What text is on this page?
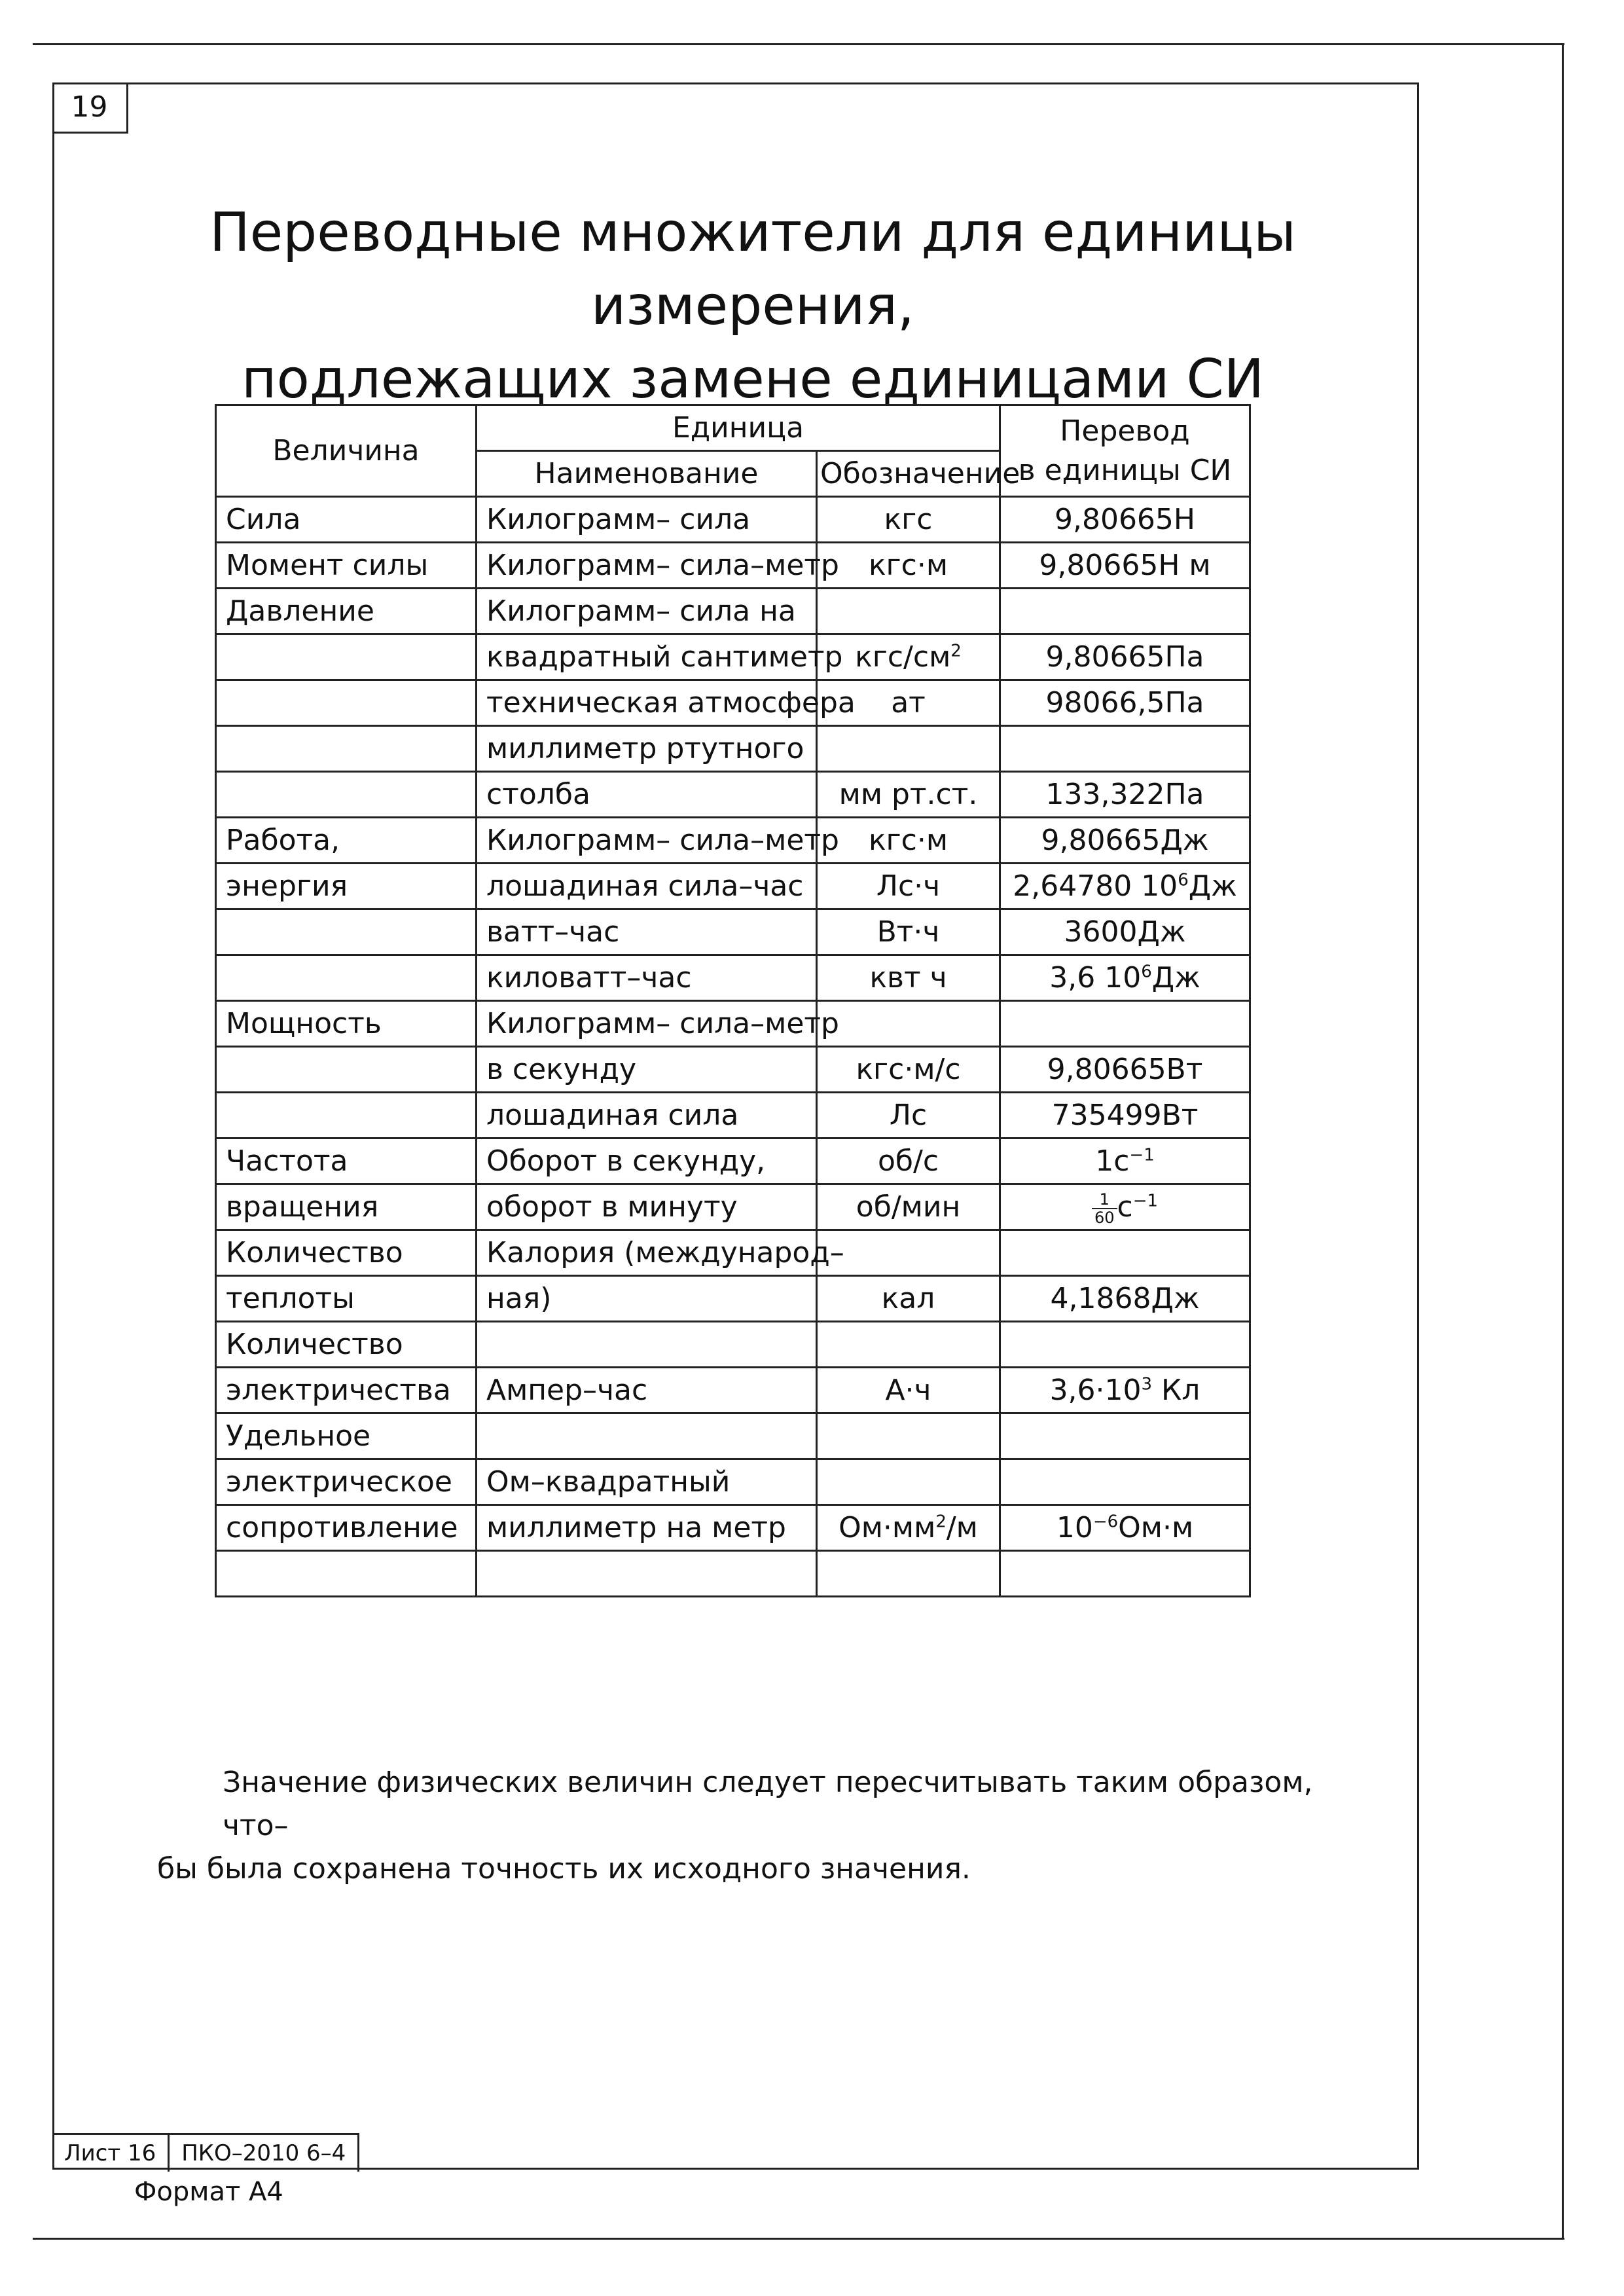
19
Переводные множители для единицы измерения,
подлежащих замене единицами СИ
Величина	Единица		Перевод
в единицы СИ

	Наименование	Обозначение	
Сила	Килограмм– сила	кгс	9,80665Н
Момент силы	Килограмм– сила–метр	кгс·м	9,80665Н м
Давление	Килограмм– сила на		
	квадратный сантиметр	кгс/$см^2$	9,80665Па
	техническая атмосфера	ат	98066,5Па
	миллиметр ртутного		
	столба	мм рт.ст.	133,322Па
Работа,	Килограмм– сила–метр	кгс·м	9,80665Дж
энергия	лошадиная сила–час	Лс·ч	2,64780 $10^6Дж$
	ватт–час	Вт·ч	3600Дж
	киловатт–час	квт ч	3,6 $10^6Дж$
Мощность	Килограмм– сила–метр		
	в секунду	кгс·м/с	9,80665Вт
	лошадиная сила	Лс	735499Вт
Частота	Оборот в секунду,	об/с	$1с^{-1}$
вращения	оборот в минуту	об/мин	$\frac{1}{60} с^{-1}$
Количество	Калория (международ–		
теплоты	ная)	кал	4,1868Дж
Количество			
электричества	Ампер–час	А·ч	$3,6\cdot 10^3$ Кл
Удельное			
электрическое	Ом–квадратный		
сопротивление	миллиметр на метр	$Ом\cdot мм^2/м$	$10^{-6}Ом\cdot м$

Значение физических величин следует пересчитывать таким образом, что–
бы была сохранена точность их исходного значения.

Лист 16	ПКО–2010 6–4
Формат А4
